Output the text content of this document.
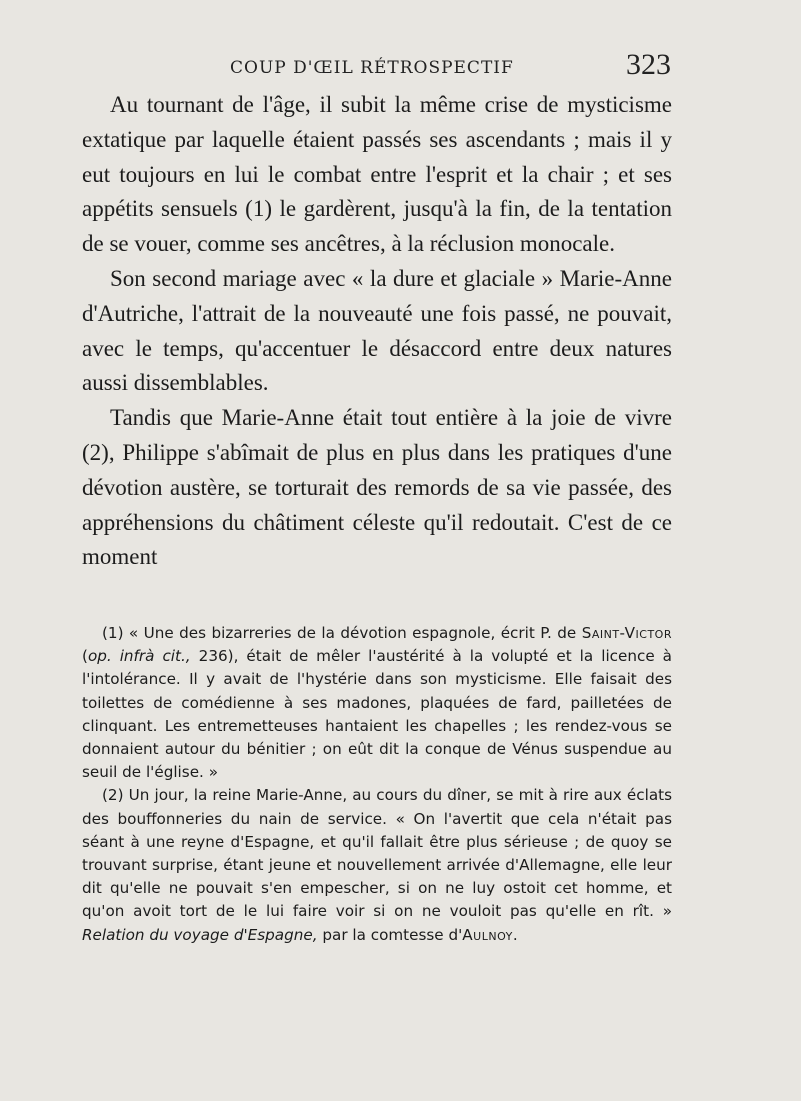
COUP D'ŒIL RÉTROSPECTIF	323

Au tournant de l'âge, il subit la même crise de mysticisme extatique par laquelle étaient passés ses ascendants ; mais il y eut toujours en lui le combat entre l'esprit et la chair ; et ses appétits sensuels (1) le gardèrent, jusqu'à la fin, de la tentation de se vouer, comme ses ancêtres, à la réclusion monocale.

Son second mariage avec « la dure et glaciale » Marie-Anne d'Autriche, l'attrait de la nouveauté une fois passé, ne pouvait, avec le temps, qu'accentuer le désaccord entre deux natures aussi dissemblables.

Tandis que Marie-Anne était tout entière à la joie de vivre (2), Philippe s'abîmait de plus en plus dans les pratiques d'une dévotion austère, se torturait des remords de sa vie passée, des appréhensions du châtiment céleste qu'il redoutait. C'est de ce moment

(1) « Une des bizarreries de la dévotion espagnole, écrit P. de Saint-Victor (op. infrà cit., 236), était de mêler l'austérité à la volupté et la licence à l'intolérance. Il y avait de l'hystérie dans son mysticisme. Elle faisait des toilettes de comédienne à ses madones, plaquées de fard, pailletées de clinquant. Les entremetteuses hantaient les chapelles ; les rendez-vous se donnaient autour du bénitier ; on eût dit la conque de Vénus suspendue au seuil de l'église. »

(2) Un jour, la reine Marie-Anne, au cours du dîner, se mit à rire aux éclats des bouffonneries du nain de service. « On l'avertit que cela n'était pas séant à une reyne d'Espagne, et qu'il fallait être plus sérieuse ; de quoy se trouvant surprise, étant jeune et nouvellement arrivée d'Allemagne, elle leur dit qu'elle ne pouvait s'en empescher, si on ne luy ostoit cet homme, et qu'on avoit tort de le lui faire voir si on ne vouloit pas qu'elle en rît. » Relation du voyage d'Espagne, par la comtesse d'Aulnoy.
